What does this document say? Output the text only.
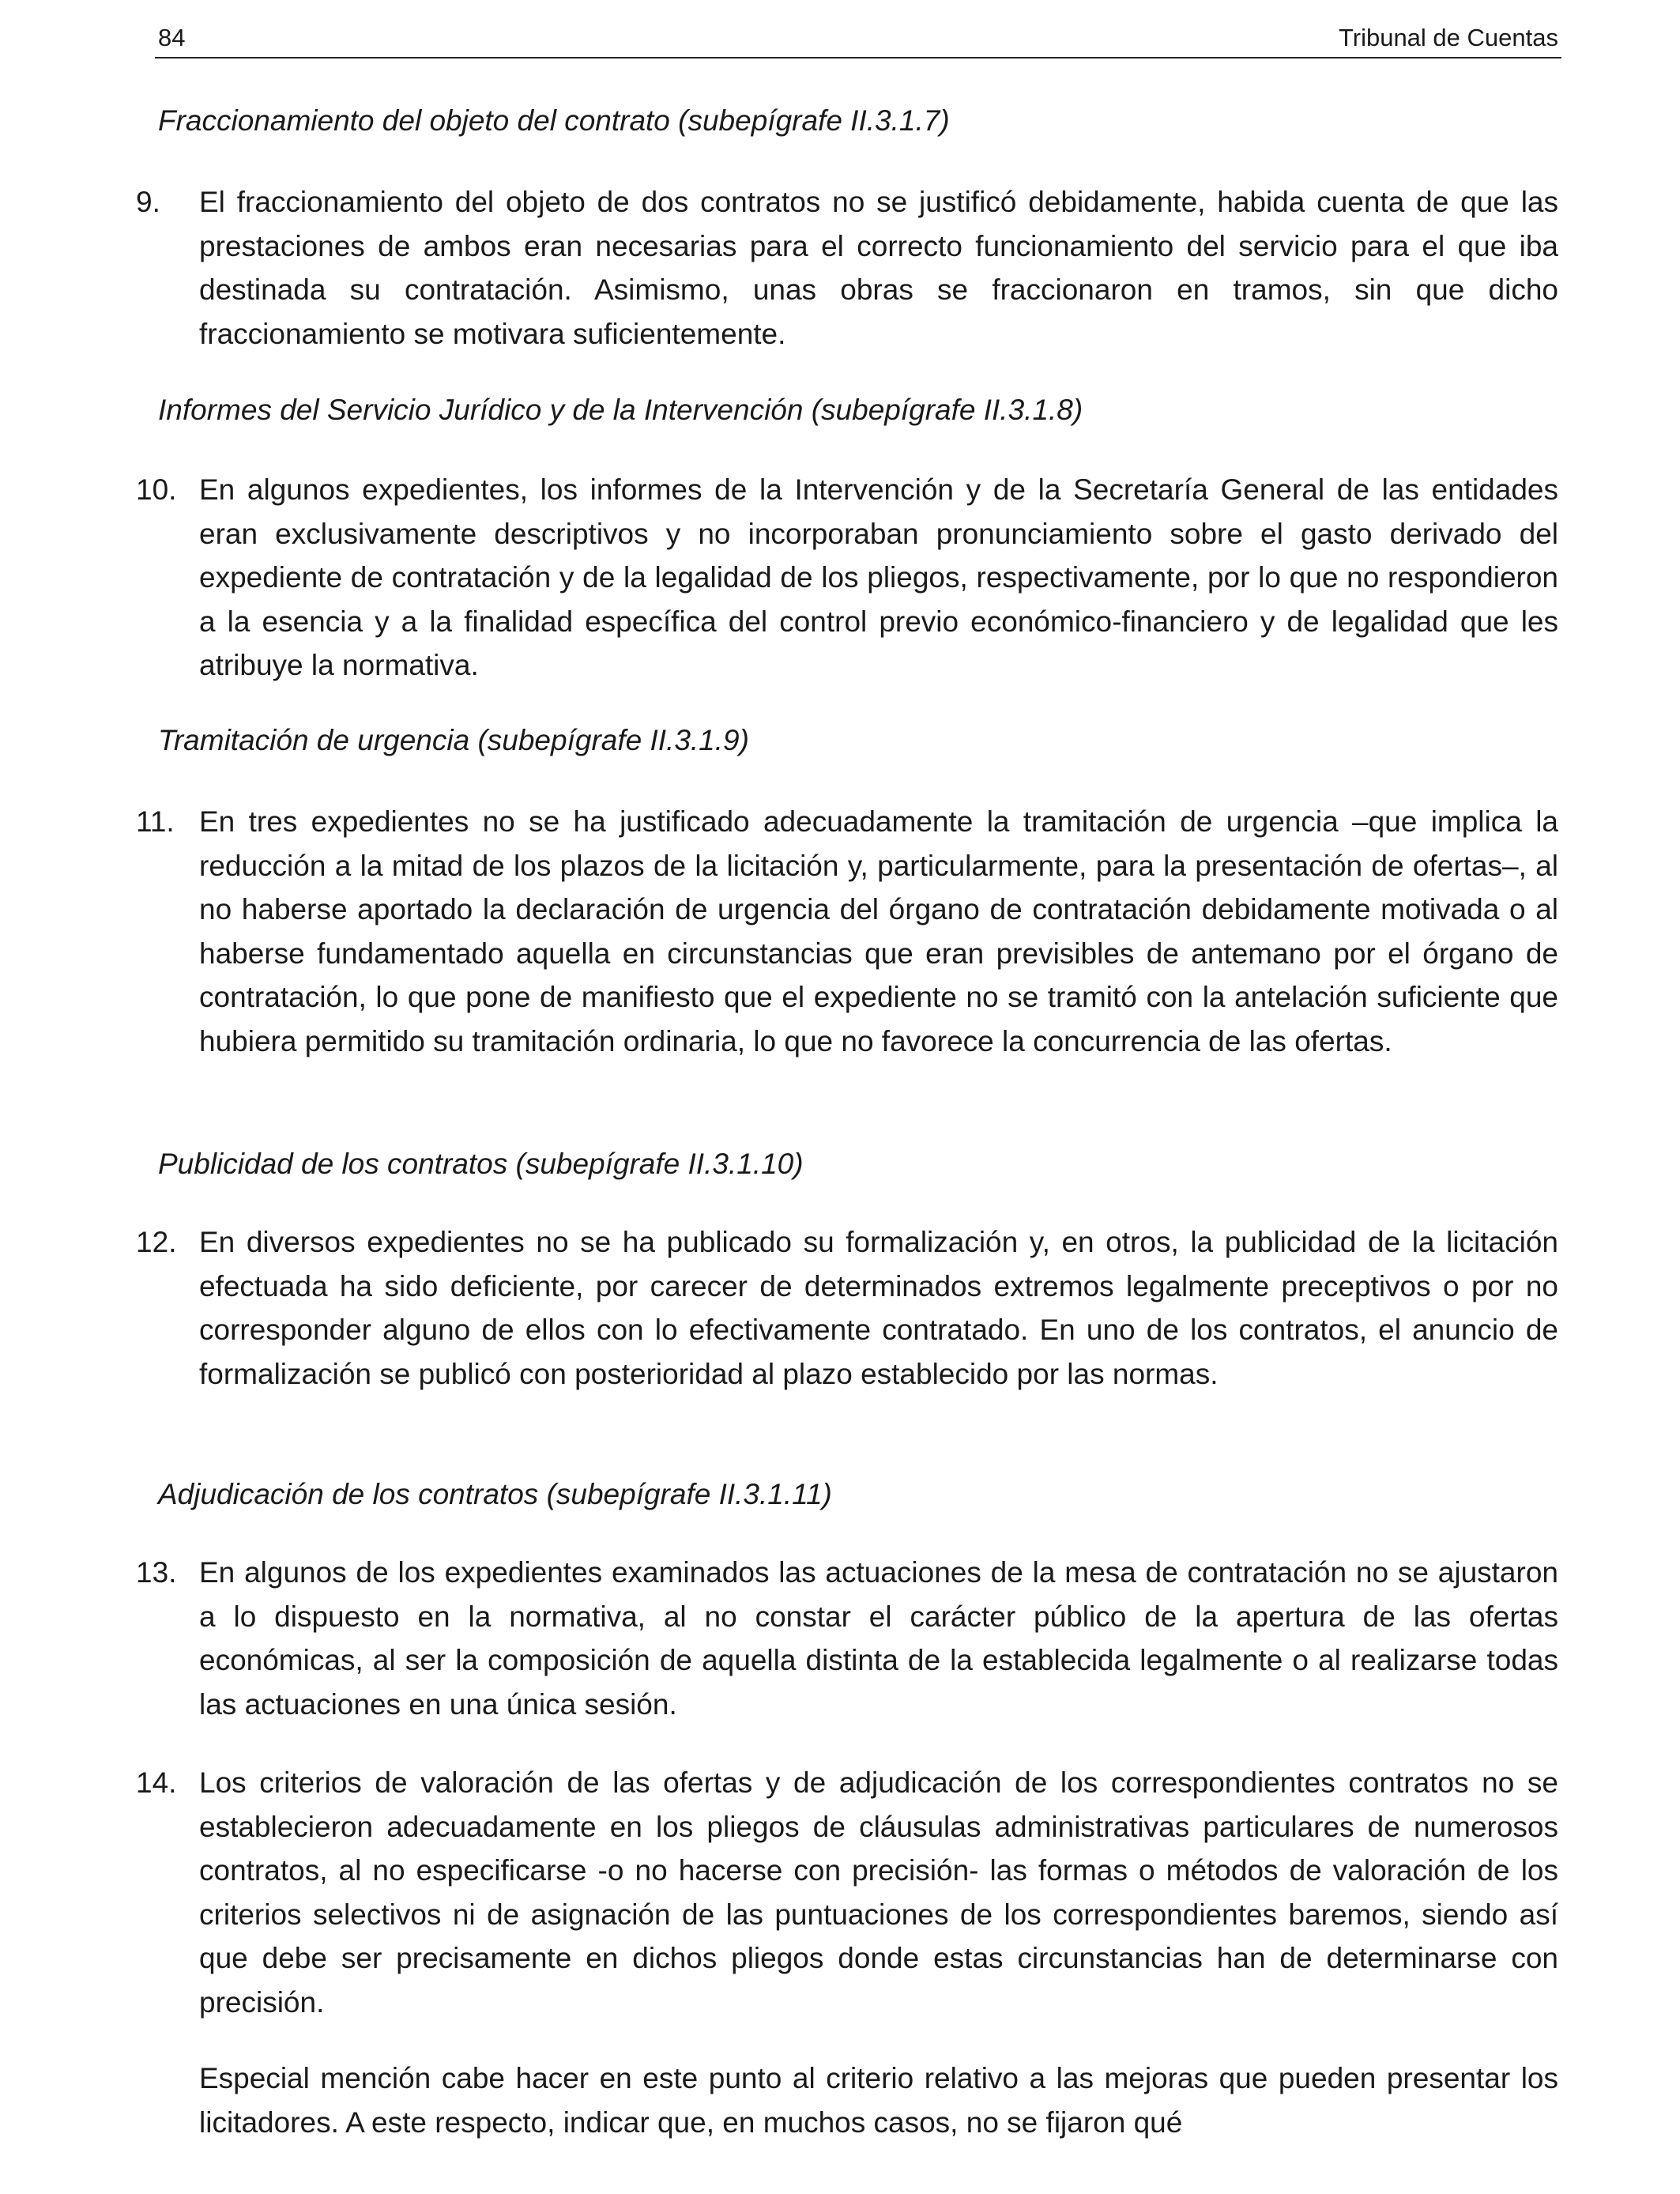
84	Tribunal de Cuentas
Fraccionamiento del objeto del contrato (subepígrafe II.3.1.7)
9.	El fraccionamiento del objeto de dos contratos no se justificó debidamente, habida cuenta de que las prestaciones de ambos eran necesarias para el correcto funcionamiento del servicio para el que iba destinada su contratación. Asimismo, unas obras se fraccionaron en tramos, sin que dicho fraccionamiento se motivara suficientemente.
Informes del Servicio Jurídico y de la Intervención (subepígrafe II.3.1.8)
10. En algunos expedientes, los informes de la Intervención y de la Secretaría General de las entidades eran exclusivamente descriptivos y no incorporaban pronunciamiento sobre el gasto derivado del expediente de contratación y de la legalidad de los pliegos, respectivamente, por lo que no respondieron a la esencia y a la finalidad específica del control previo económico-financiero y de legalidad que les atribuye la normativa.
Tramitación de urgencia (subepígrafe II.3.1.9)
11. En tres expedientes no se ha justificado adecuadamente la tramitación de urgencia –que implica la reducción a la mitad de los plazos de la licitación y, particularmente, para la presentación de ofertas–, al no haberse aportado la declaración de urgencia del órgano de contratación debidamente motivada o al haberse fundamentado aquella en circunstancias que eran previsibles de antemano por el órgano de contratación, lo que pone de manifiesto que el expediente no se tramitó con la antelación suficiente que hubiera permitido su tramitación ordinaria, lo que no favorece la concurrencia de las ofertas.
Publicidad de los contratos (subepígrafe II.3.1.10)
12. En diversos expedientes no se ha publicado su formalización y, en otros, la publicidad de la licitación efectuada ha sido deficiente, por carecer de determinados extremos legalmente preceptivos o por no corresponder alguno de ellos con lo efectivamente contratado. En uno de los contratos, el anuncio de formalización se publicó con posterioridad al plazo establecido por las normas.
Adjudicación de los contratos (subepígrafe II.3.1.11)
13. En algunos de los expedientes examinados las actuaciones de la mesa de contratación no se ajustaron a lo dispuesto en la normativa, al no constar el carácter público de la apertura de las ofertas económicas, al ser la composición de aquella distinta de la establecida legalmente o al realizarse todas las actuaciones en una única sesión.
14. Los criterios de valoración de las ofertas y de adjudicación de los correspondientes contratos no se establecieron adecuadamente en los pliegos de cláusulas administrativas particulares de numerosos contratos, al no especificarse -o no hacerse con precisión- las formas o métodos de valoración de los criterios selectivos ni de asignación de las puntuaciones de los correspondientes baremos, siendo así que debe ser precisamente en dichos pliegos donde estas circunstancias han de determinarse con precisión.
Especial mención cabe hacer en este punto al criterio relativo a las mejoras que pueden presentar los licitadores. A este respecto, indicar que, en muchos casos, no se fijaron qué
